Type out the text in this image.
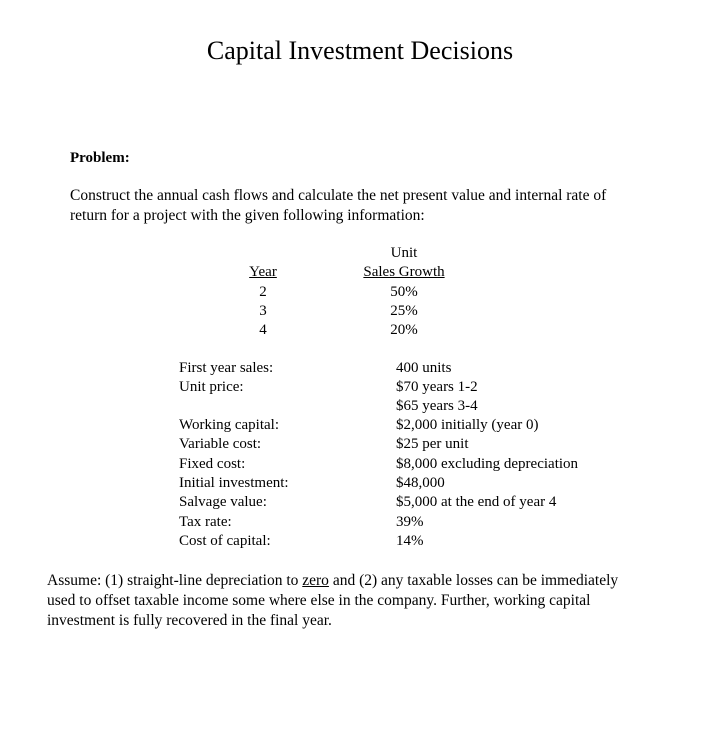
Capital Investment Decisions
Problem:
Construct the annual cash flows and calculate the net present value and internal rate of
return for a project with the given following information:
Unit
Year	Sales Growth
2	50%
3	25%
4	20%
First year sales:	400 units
Unit price:	$70 years 1-2
$65 years 3-4
Working capital:	$2,000 initially (year 0)
Variable cost:	$25 per unit
Fixed cost:	$8,000 excluding depreciation
Initial investment:	$48,000
Salvage value:	$5,000 at the end of year 4
Tax rate:	39%
Cost of capital:	14%
Assume: (1) straight-line depreciation to zero and (2) any taxable losses can be immediately
used to offset taxable income some where else in the company. Further, working capital
investment is fully recovered in the final year.
